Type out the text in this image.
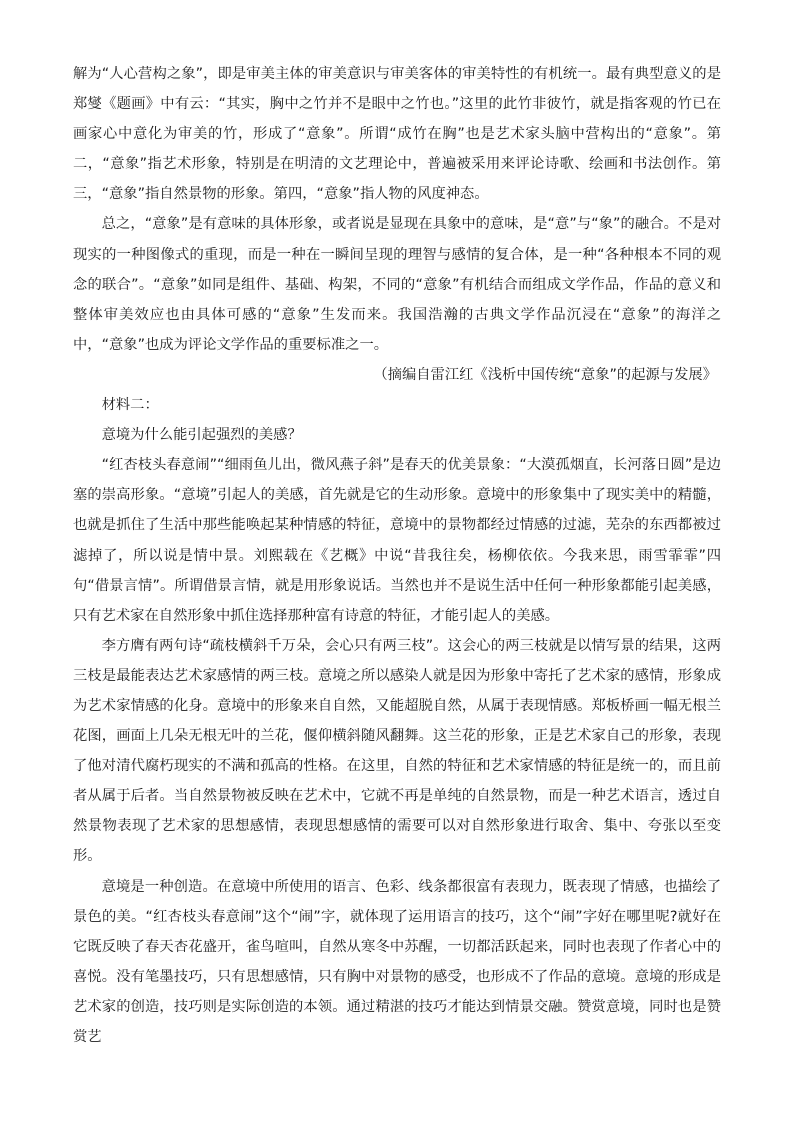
解为“人心营构之象”，即是审美主体的审美意识与审美客体的审美特性的有机统一。最有典型意义的是郑燮《题画》中有云：“其实，胸中之竹并不是眼中之竹也。”这里的此竹非彼竹，就是指客观的竹已在画家心中意化为审美的竹，形成了“意象”。所谓“成竹在胸”也是艺术家头脑中营构出的“意象”。第二，“意象”指艺术形象，特别是在明清的文艺理论中，普遍被采用来评论诗歌、绘画和书法创作。第三，“意象”指自然景物的形象。第四，“意象”指人物的风度神态。

总之，“意象”是有意味的具体形象，或者说是显现在具象中的意味，是“意”与“象”的融合。不是对现实的一种图像式的重现，而是一种在一瞬间呈现的理智与感情的复合体，是一种“各种根本不同的观念的联合”。“意象”如同是组件、基础、构架，不同的“意象”有机结合而组成文学作品，作品的意义和整体审美效应也由具体可感的“意象”生发而来。我国浩瀚的古典文学作品沉浸在“意象”的海洋之中，“意象”也成为评论文学作品的重要标准之一。

（摘编自雷江红《浅析中国传统“意象”的起源与发展》

材料二：

意境为什么能引起强烈的美感？

“红杏枝头春意闹”“细雨鱼儿出，微风燕子斜”是春天的优美景象：“大漠孤烟直，长河落日圆”是边塞的崇高形象。“意境”引起人的美感，首先就是它的生动形象。意境中的形象集中了现实美中的精髓，也就是抓住了生活中那些能唤起某种情感的特征，意境中的景物都经过情感的过滤，芜杂的东西都被过滤掉了，所以说是情中景。刘熙载在《艺概》中说“昔我往矣，杨柳依依。今我来思，雨雪霏霏”四句“借景言情”。所谓借景言情，就是用形象说话。当然也并不是说生活中任何一种形象都能引起美感，只有艺术家在自然形象中抓住选择那种富有诗意的特征，才能引起人的美感。

李方膺有两句诗“疏枝横斜千万朵，会心只有两三枝”。这会心的两三枝就是以情写景的结果，这两三枝是最能表达艺术家感情的两三枝。意境之所以感染人就是因为形象中寄托了艺术家的感情，形象成为艺术家情感的化身。意境中的形象来自自然，又能超脱自然，从属于表现情感。郑板桥画一幅无根兰花图，画面上几朵无根无叶的兰花，偃仰横斜随风翻舞。这兰花的形象，正是艺术家自己的形象，表现了他对清代腐朽现实的不满和孤高的性格。在这里，自然的特征和艺术家情感的特征是统一的，而且前者从属于后者。当自然景物被反映在艺术中，它就不再是单纯的自然景物，而是一种艺术语言，透过自然景物表现了艺术家的思想感情，表现思想感情的需要可以对自然形象进行取舍、集中、夸张以至变形。

意境是一种创造。在意境中所使用的语言、色彩、线条都很富有表现力，既表现了情感，也描绘了景色的美。“红杏枝头春意闹”这个“闹”字，就体现了运用语言的技巧，这个“闹”字好在哪里呢?就好在它既反映了春天杏花盛开，雀鸟喧叫，自然从寒冬中苏醒，一切都活跃起来，同时也表现了作者心中的喜悦。没有笔墨技巧，只有思想感情，只有胸中对景物的感受，也形成不了作品的意境。意境的形成是艺术家的创造，技巧则是实际创造的本领。通过精湛的技巧才能达到情景交融。赞赏意境，同时也是赞赏艺
